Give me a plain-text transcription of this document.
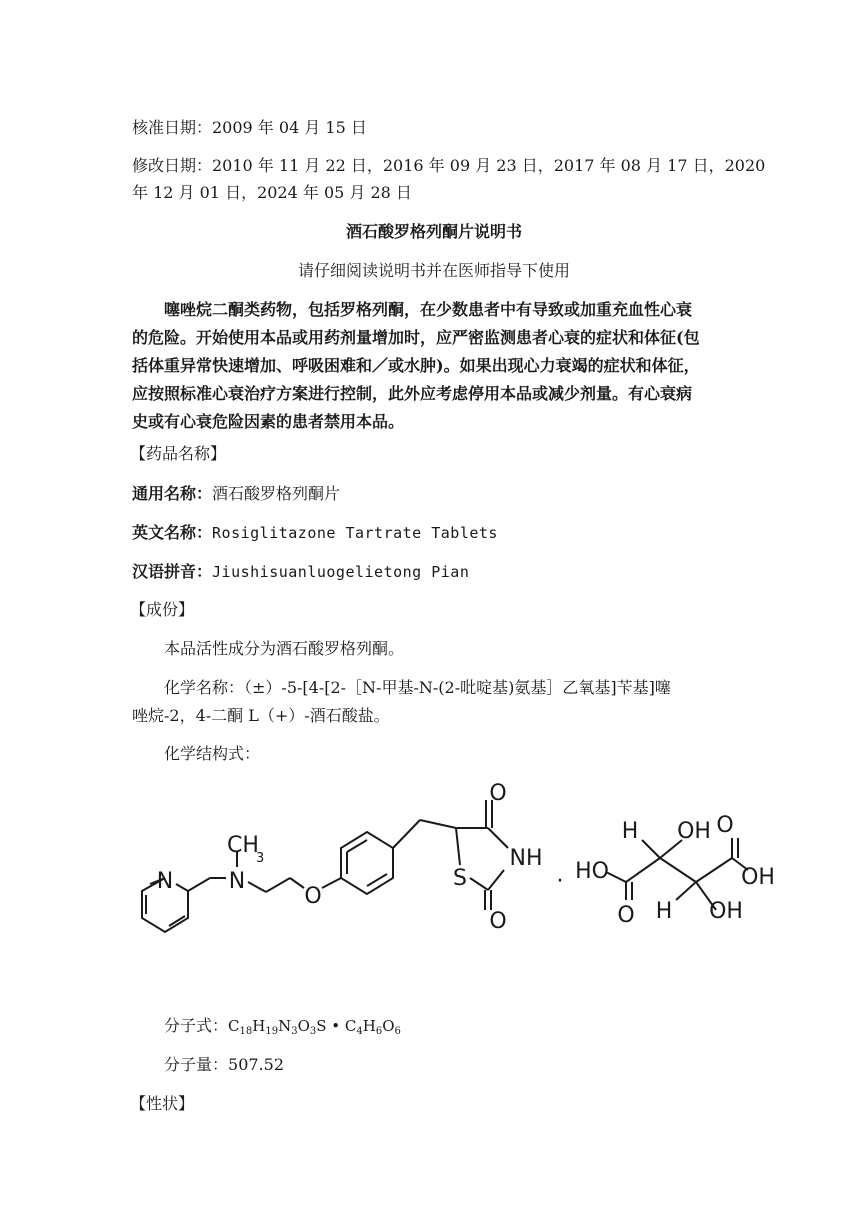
核准日期：2009 年 04 月 15 日
修改日期：2010 年 11 月 22 日，2016 年 09 月 23 日，2017 年 08 月 17 日，2020
年 12 月 01 日，2024 年 05 月 28 日
酒石酸罗格列酮片说明书
请仔细阅读说明书并在医师指导下使用
噻唑烷二酮类药物，包括罗格列酮，在少数患者中有导致或加重充血性心衰
的危险。开始使用本品或用药剂量增加时，应严密监测患者心衰的症状和体征(包
括体重异常快速增加、呼吸困难和／或水肿)。如果出现心力衰竭的症状和体征，
应按照标准心衰治疗方案进行控制，此外应考虑停用本品或减少剂量。有心衰病
史或有心衰危险因素的患者禁用本品。
【药品名称】
通用名称：酒石酸罗格列酮片
英文名称：Rosiglitazone Tartrate Tablets
汉语拼音：Jiushisuanluogelietong Pian
【成份】
本品活性成分为酒石酸罗格列酮。
化学名称：（±）-5-[4-[2-［N-甲基-N-(2-吡啶基)氨基］乙氧基]苄基]噻
唑烷-2，4-二酮 L（+）-酒石酸盐。
化学结构式：
N	N
CH
3
O
O
NH
S
O
· HO
O
H OH O
OH
H OH
分子式：$C_{18}H_{19}N_3O_3S$ • $C_4H_6O_6$
分子量：507.52
【性状】
